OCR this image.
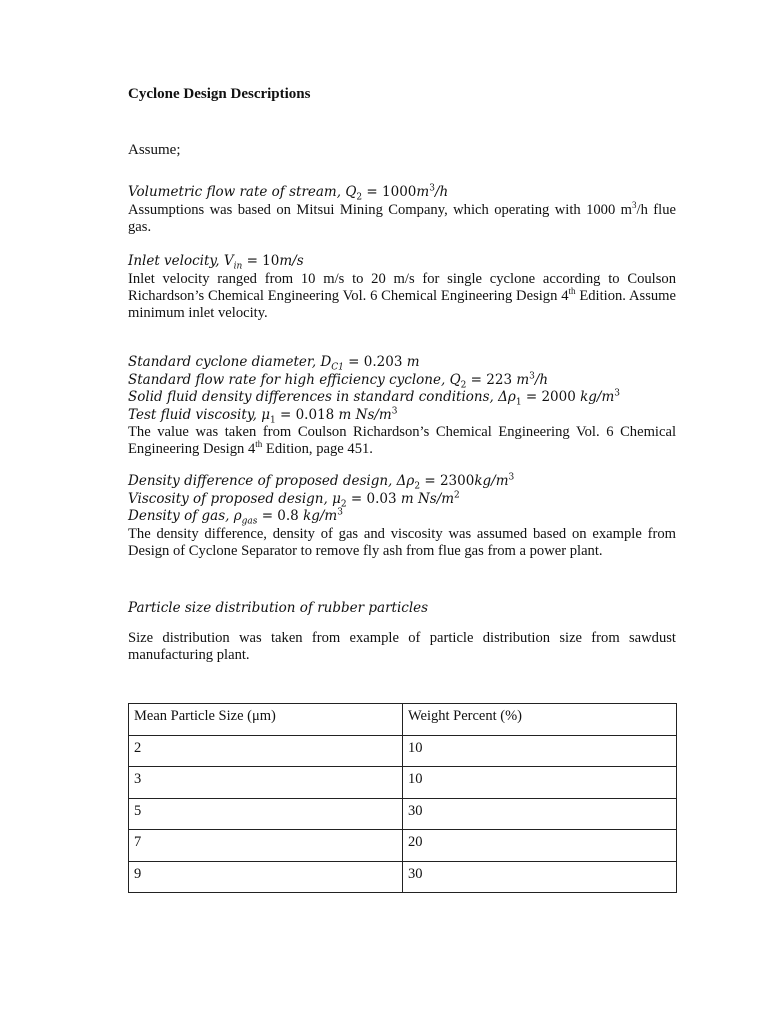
Cyclone Design Descriptions
Assume;
Volumetric flow rate of stream, $Q_2 = 1000m^3/h$

Assumptions was based on Mitsui Mining Company, which operating with 1000 $m^3/h$ flue gas.

Inlet velocity, $V_{in} = 10m/s$

Inlet velocity ranged from 10 m/s to 20 m/s for single cyclone according to Coulson Richardson’s Chemical Engineering Vol. 6 Chemical Engineering Design 4th Edition. Assume minimum inlet velocity.

Standard cyclone diameter, $D_{C1} = 0.203$ m
Standard flow rate for high efficiency cyclone, $Q_2 = 223$ $m^3/h$
Solid fluid density differences in standard conditions, $\Delta\rho_1 = 2000$ $kg/m^3$
Test fluid viscosity, $\mu_1 = 0.018$ m $Ns/m^3$

The value was taken from Coulson Richardson’s Chemical Engineering Vol. 6 Chemical Engineering Design 4th Edition, page 451.

Density difference of proposed design, $\Delta\rho_2 = 2300kg/m^3$
Viscosity of proposed design, $\mu_2 = 0.03$ m $Ns/m^2$
Density of gas, $\rho_{gas} = 0.8$ $kg/m^3$

The density difference, density of gas and viscosity was assumed based on example from Design of Cyclone Separator to remove fly ash from flue gas from a power plant.

Particle size distribution of rubber particles

Size distribution was taken from example of particle distribution size from sawdust manufacturing plant.

Mean Particle Size (μm)	Weight Percent (%)
2	10
3	10
5	30
7	20
9	30
